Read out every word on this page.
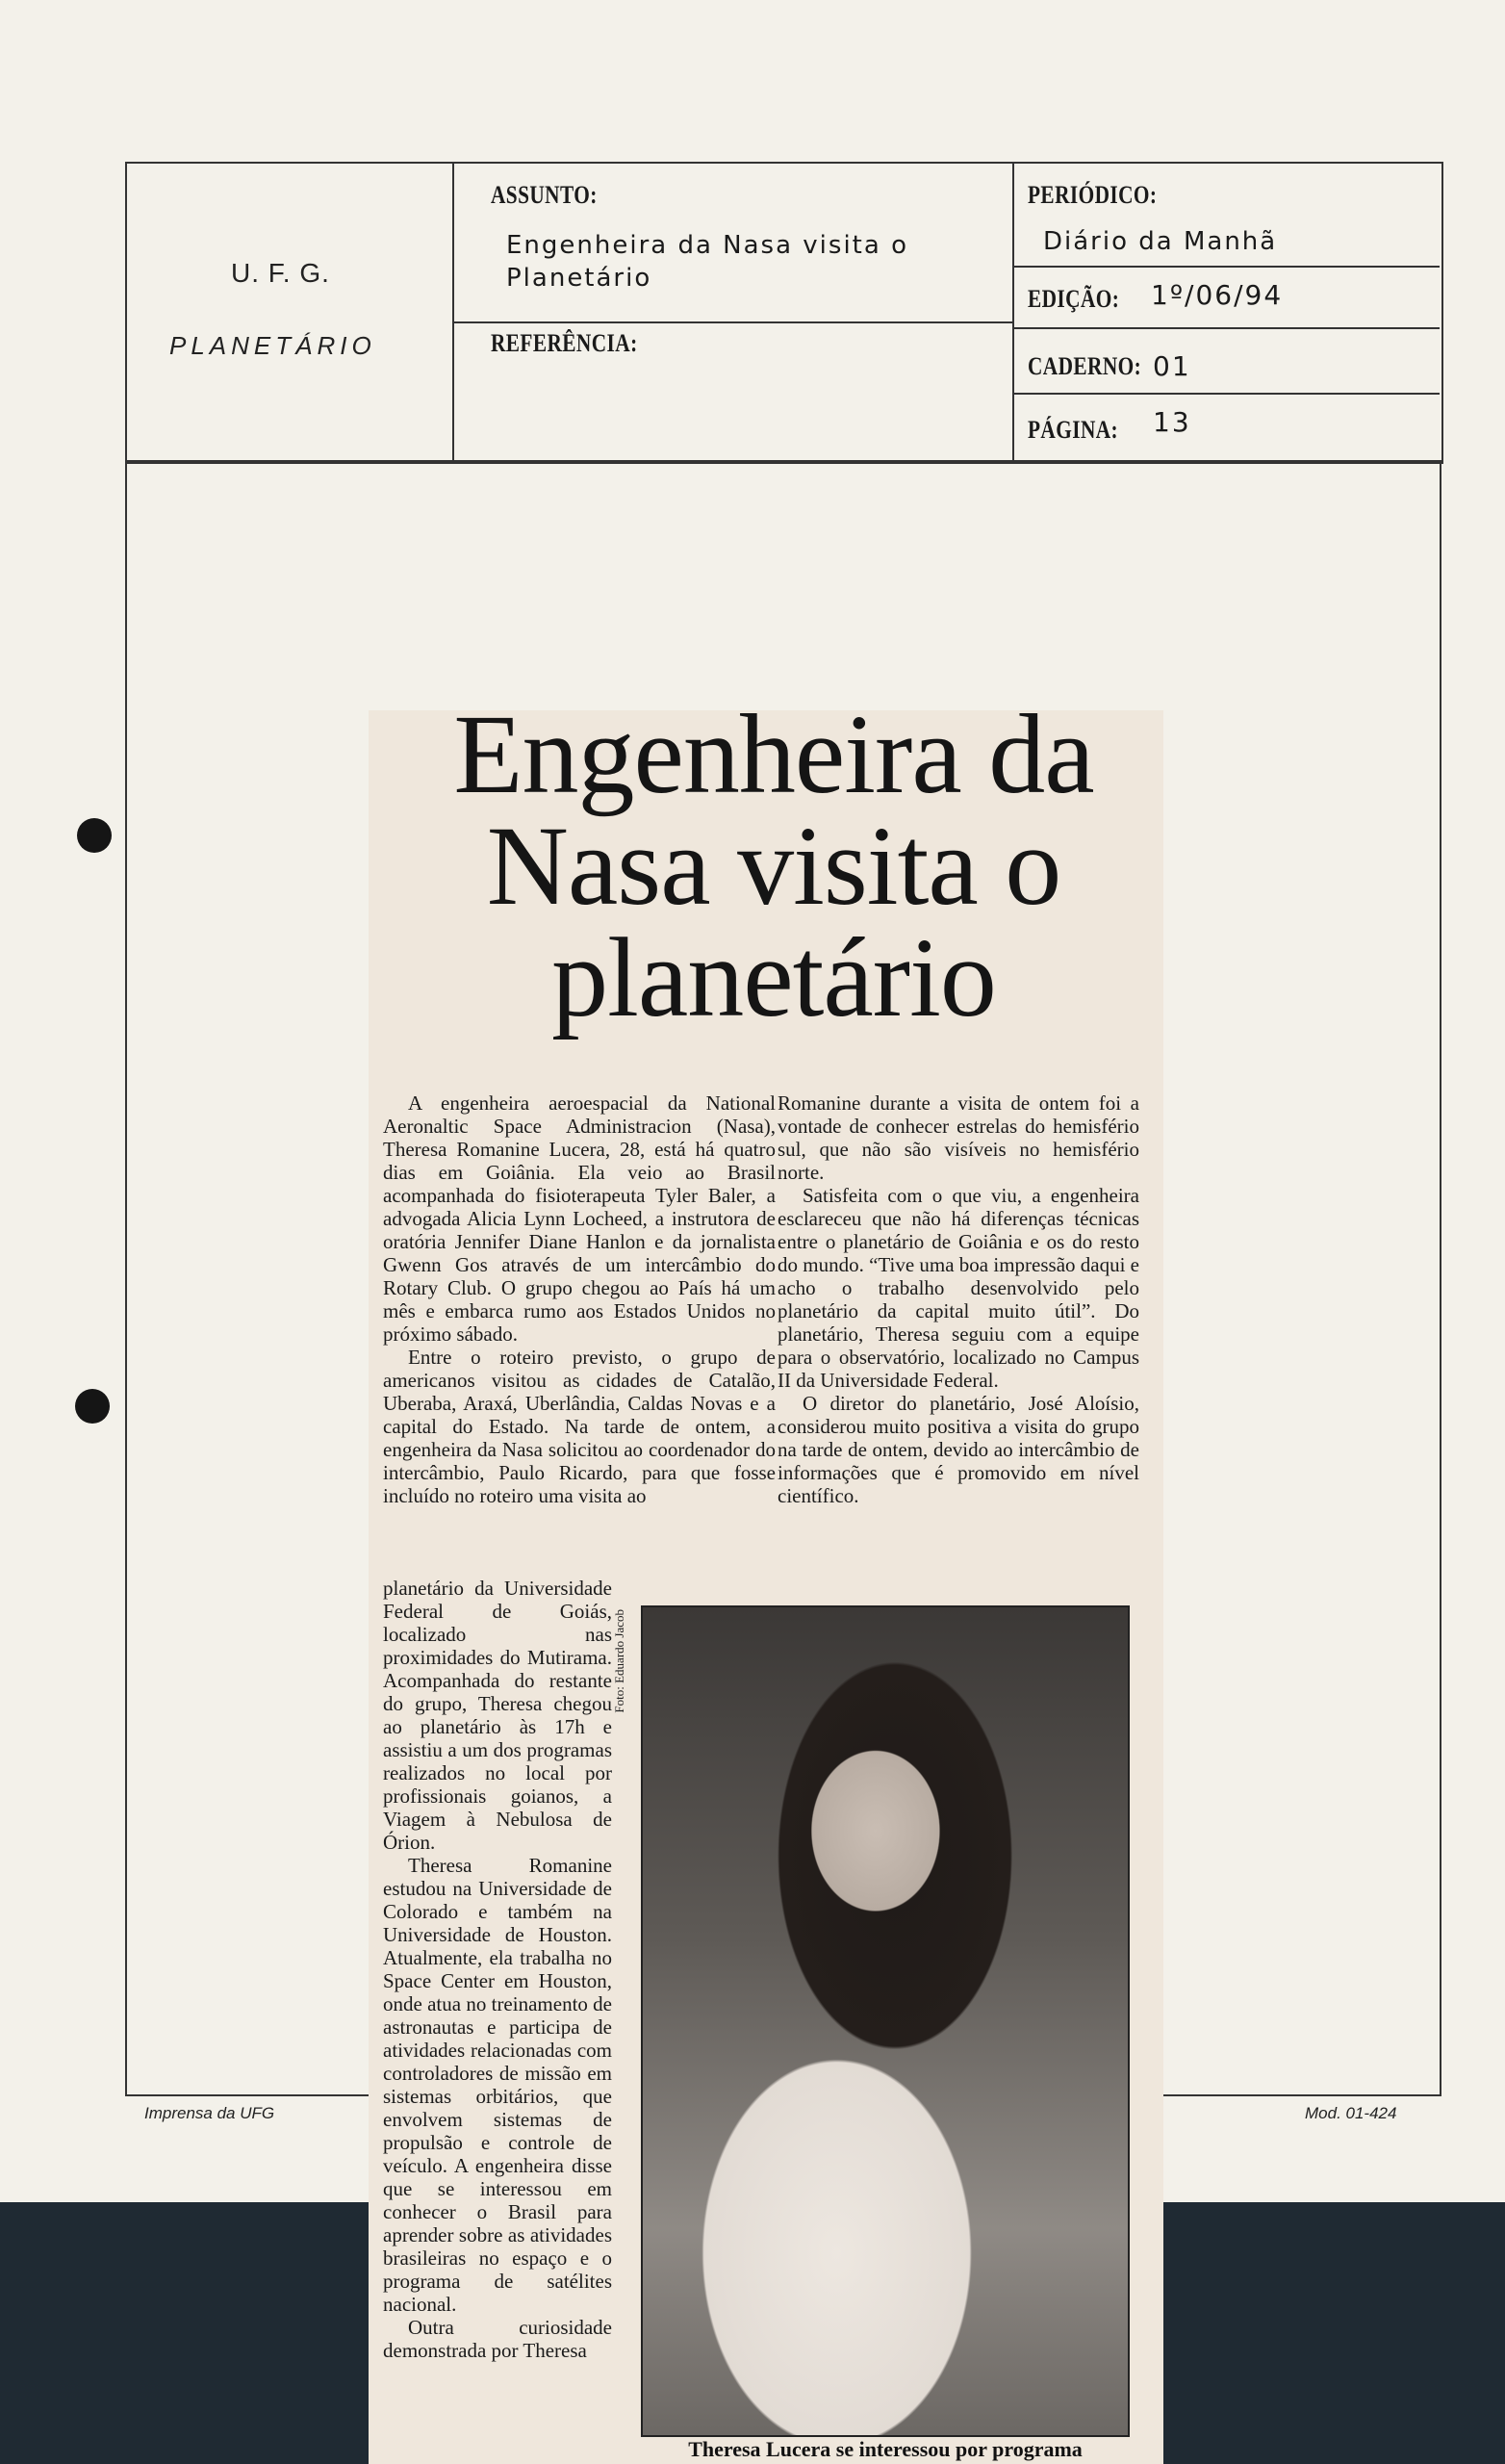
U. F. G.
PLANETÁRIO
ASSUNTO:
Engenheira da Nasa visita o Planetário
REFERÊNCIA:
PERIÓDICO:
Diário da Manhã
EDIÇÃO: 1º/06/94
CADERNO: 01
PÁGINA: 13
Imprensa da UFG	Mod. 01-424
Engenheira da Nasa visita o planetário

A engenheira aeroespacial da National Aeronaltic Space Administracion (Nasa), Theresa Romanine Lucera, 28, está há quatro dias em Goiânia. Ela veio ao Brasil acompanhada do fisioterapeuta Tyler Baler, a advogada Alicia Lynn Locheed, a instrutora de oratória Jennifer Diane Hanlon e da jornalista Gwenn Gos através de um intercâmbio do Rotary Club. O grupo chegou ao País há um mês e embarca rumo aos Estados Unidos no próximo sábado.

Entre o roteiro previsto, o grupo de americanos visitou as cidades de Catalão, Uberaba, Araxá, Uberlândia, Caldas Novas e a capital do Estado. Na tarde de ontem, a engenheira da Nasa solicitou ao coordenador do intercâmbio, Paulo Ricardo, para que fosse incluído no roteiro uma visita ao

planetário da Universidade Federal de Goiás, localizado nas proximidades do Mutirama. Acompanhada do restante do grupo, Theresa chegou ao planetário às 17h e assistiu a um dos programas realizados no local por profissionais goianos, a Viagem à Nebulosa de Órion.

Theresa Romanine estudou na Universidade de Colorado e também na Universidade de Houston. Atualmente, ela trabalha no Space Center em Houston, onde atua no treinamento de astronautas e participa de atividades relacionadas com controladores de missão em sistemas orbitários, que envolvem sistemas de propulsão e controle de veículo. A engenheira disse que se interessou em conhecer o Brasil para aprender sobre as atividades brasileiras no espaço e o programa de satélites nacional.

Outra curiosidade demonstrada por Theresa

Romanine durante a visita de ontem foi a vontade de conhecer estrelas do hemisfério sul, que não são visíveis no hemisfério norte.

Satisfeita com o que viu, a engenheira esclareceu que não há diferenças técnicas entre o planetário de Goiânia e os do resto do mundo. “Tive uma boa impressão daqui e acho o trabalho desenvolvido pelo planetário da capital muito útil”. Do planetário, Theresa seguiu com a equipe para o observatório, localizado no Campus II da Universidade Federal.

O diretor do planetário, José Aloísio, considerou muito positiva a visita do grupo na tarde de ontem, devido ao intercâmbio de informações que é promovido em nível científico.

Foto: Eduardo Jacob
Theresa Lucera se interessou por programa
